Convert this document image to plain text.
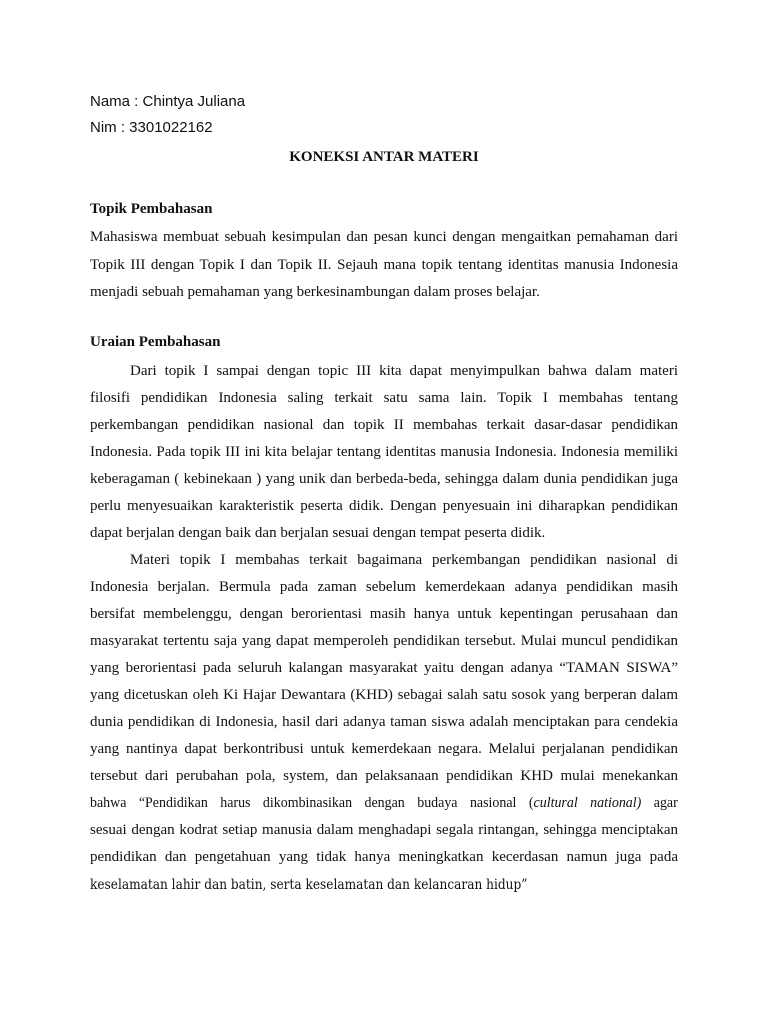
Nama : Chintya Juliana
Nim : 3301022162
KONEKSI ANTAR MATERI
Topik Pembahasan
Mahasiswa membuat sebuah kesimpulan dan pesan kunci dengan mengaitkan pemahaman dari
Topik III dengan Topik I dan Topik II. Sejauh mana topik tentang identitas manusia Indonesia
menjadi sebuah pemahaman yang berkesinambungan dalam proses belajar.
Uraian Pembahasan
Dari topik I sampai dengan topic III kita dapat menyimpulkan bahwa dalam materi
filosifi pendidikan Indonesia saling terkait satu sama lain. Topik I membahas tentang
perkembangan pendidikan nasional dan topik II membahas terkait dasar-dasar pendidikan
Indonesia. Pada topik III ini kita belajar tentang identitas manusia Indonesia. Indonesia memiliki
keberagaman ( kebinekaan ) yang unik dan berbeda-beda, sehingga dalam dunia pendidikan juga
perlu menyesuaikan karakteristik peserta didik. Dengan penyesuain ini diharapkan pendidikan
dapat berjalan dengan baik dan berjalan sesuai dengan tempat peserta didik.
Materi topik I membahas terkait bagaimana perkembangan pendidikan nasional di
Indonesia berjalan. Bermula pada zaman sebelum kemerdekaan adanya pendidikan masih
bersifat membelenggu, dengan berorientasi masih hanya untuk kepentingan perusahaan dan
masyarakat tertentu saja yang dapat memperoleh pendidikan tersebut. Mulai muncul pendidikan
yang berorientasi pada seluruh kalangan masyarakat yaitu dengan adanya “TAMAN SISWA”
yang dicetuskan oleh Ki Hajar Dewantara (KHD) sebagai salah satu sosok yang berperan dalam
dunia pendidikan di Indonesia, hasil dari adanya taman siswa adalah menciptakan para cendekia
yang nantinya dapat berkontribusi untuk kemerdekaan negara. Melalui perjalanan pendidikan
tersebut dari perubahan pola, system, dan pelaksanaan pendidikan KHD mulai menekankan
bahwa “Pendidikan harus dikombinasikan dengan budaya nasional (cultural national) agar
sesuai dengan kodrat setiap manusia dalam menghadapi segala rintangan, sehingga menciptakan
pendidikan dan pengetahuan yang tidak hanya meningkatkan kecerdasan namun juga pada
keselamatan lahir dan batin, serta keselamatan dan kelancaran hidup”
